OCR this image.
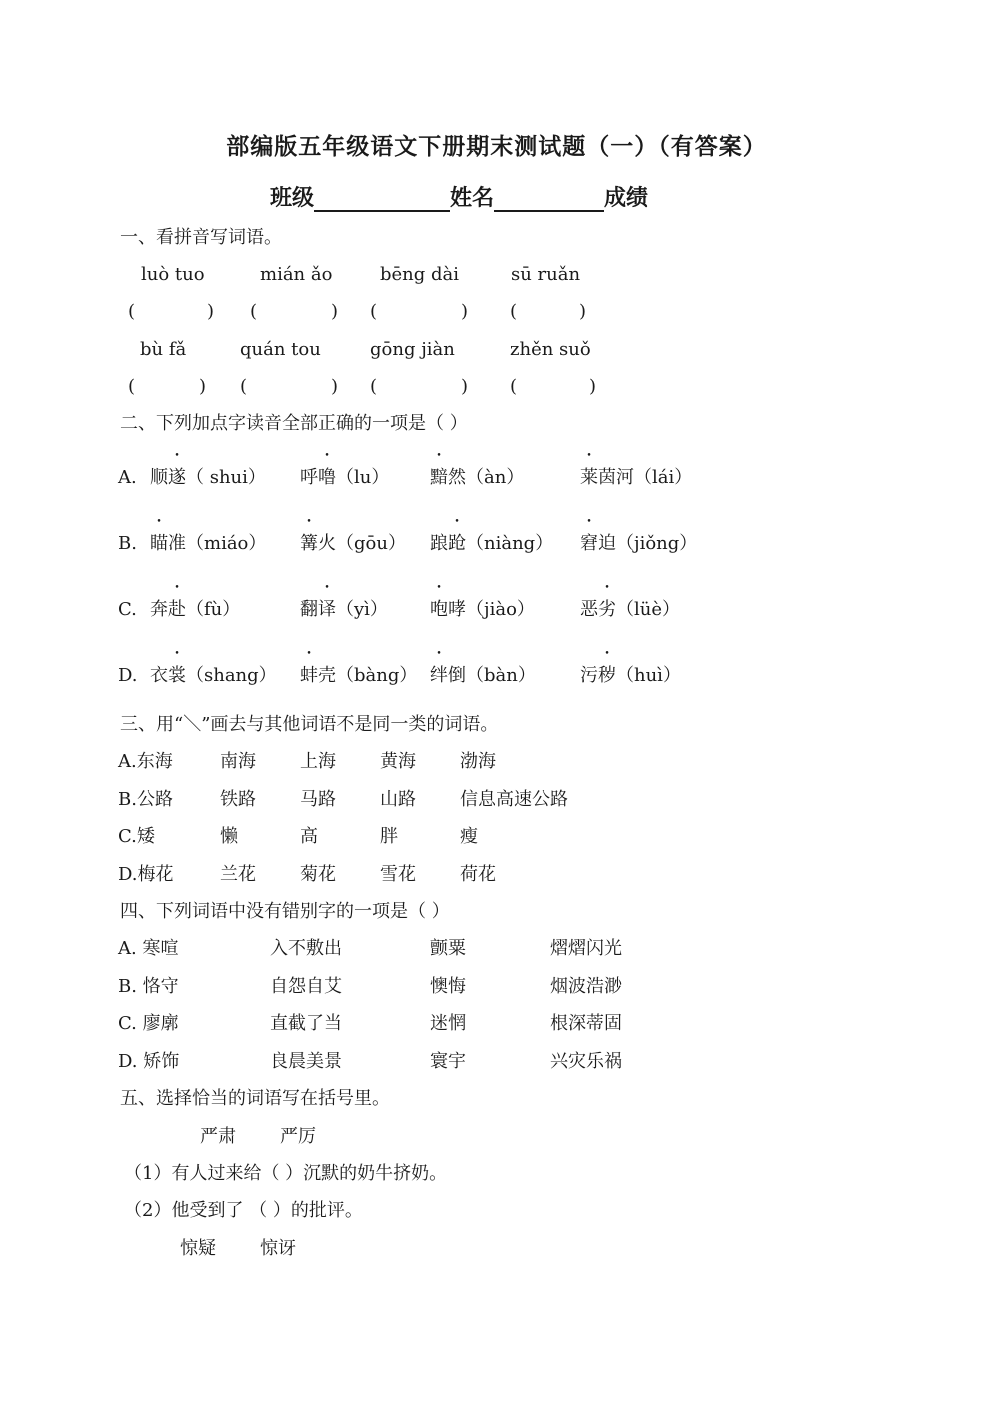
部编版五年级语文下册期末测试题（一）（有答案）
班级	姓名	成绩
一、看拼音写词语。
luò tuo	mián ǎo	bēng dài	sū ruǎn
(	) (	) (	) (	)
bù fǎ	quán tou	gōng jiàn	zhěn suǒ
(	) (	) (	) (	)
二、下列加点字读音全部正确的一项是（ ）
A. 顺遂（ shui） 呼噜（lu） 黯然（àn）	莱茵河（lái）
B. 瞄准（miáo） 篝火（gōu） 踉跄（niàng） 窘迫（jiǒng）
C. 奔赴（fù）	翻译（yì） 咆哮（jiào）	恶劣（lüè）
D. 衣裳（shang） 蚌壳（bàng） 绊倒（bàn） 污秽（huì）
三、用“＼”画去与其他词语不是同一类的词语。
A.东海	南海 上海 黄海 渤海
B.公路	铁路 马路 山路 信息高速公路
C.矮	懒	高	胖	瘦
D.梅花	兰花 菊花 雪花 荷花
四、下列词语中没有错别字的一项是（ ）
A. 寒喧	入不敷出	颤粟	熠熠闪光
B. 恪守	自怨自艾	懊悔	烟波浩渺
C. 廖廓	直截了当	迷惘	根深蒂固
D. 矫饰	良晨美景	寰宇	兴灾乐祸
五、选择恰当的词语写在括号里。
严肃 严厉
（1）有人过来给（ ）沉默的奶牛挤奶。
（2）他受到了 （ ）的批评。
惊疑 惊讶
